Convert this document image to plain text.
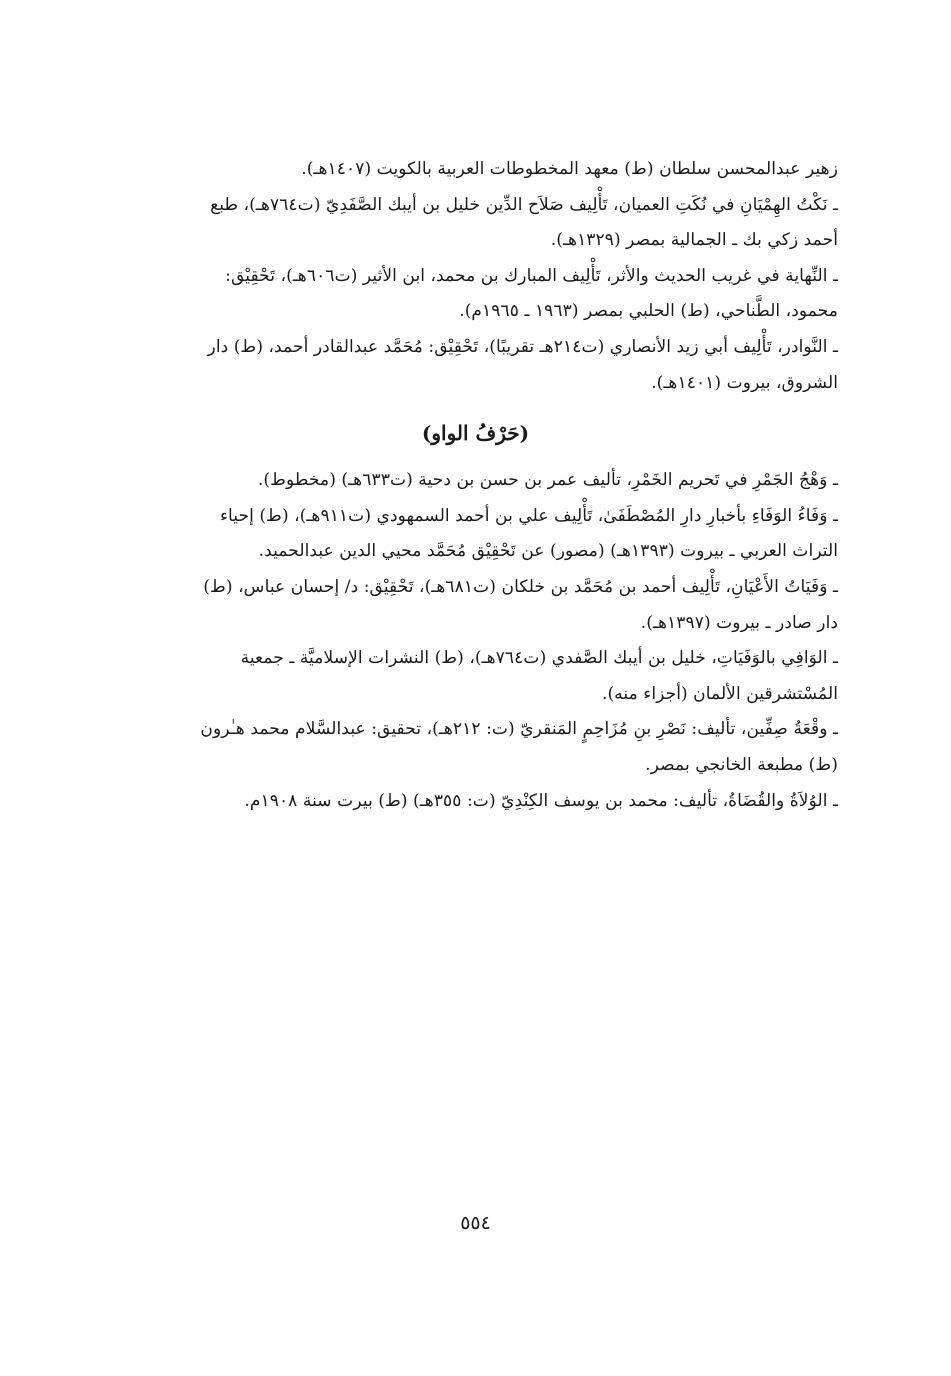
زهير عبدالمحسن سلطان (ط) معهد المخطوطات العربية بالكويت (١٤٠٧هـ).
ـ نَكْتُ الهِمْيَانِ في نُكَتِ العميان، تَأْلِيف صَلاَح الدِّين خليل بن أيبك الصَّفَدِيّ (ت٧٦٤هـ)، طبع
أحمد زكي بك ـ الجمالية بمصر (١٣٢٩هـ).
ـ النِّهاية في غريب الحديث والأثر، تَأْلِيف المبارك بن محمد، ابن الأثير (ت٦٠٦هـ)، تَحْقِيْق:
محمود، الطَّناحي، (ط) الحلبي بمصر (١٩٦٣ ـ ١٩٦٥م).
ـ النَّوادر، تَأْلِيف أبي زيد الأنصاري (ت٢١٤هـ تقريبًا)، تَحْقِيْق: مُحَمَّد عبدالقادر أحمد، (ط) دار
الشروق، بيروت (١٤٠١هـ).
(حَرْفُ الواو)
ـ وَهْجُ الجَمْرِ في تَحريم الخَمْرِ، تأليف عمر بن حسن بن دحية (ت٦٣٣هـ) (مخطوط).
ـ وَفَاءُ الوَفَاءِ بأخبارِ دارِ المُصْطَفَىٰ، تَأْلِيف علي بن أحمد السمهودي (ت٩١١هـ)، (ط) إحياء
التراث العربي ـ بيروت (١٣٩٣هـ) (مصور) عن تَحْقِيْق مُحَمَّد محيي الدين عبدالحميد.
ـ وَفَيَاتُ الأَعْيَانِ، تَأْلِيف أحمد بن مُحَمَّد بن خلكان (ت٦٨١هـ)، تَحْقِيْق: د/ إحسان عباس، (ط)
دار صادر ـ بيروت (١٣٩٧هـ).
ـ الوَافِي بالوَفَيَاتِ، خليل بن أيبك الصَّفدي (ت٧٦٤هـ)، (ط) النشرات الإسلاميَّة ـ جمعية
المُسْتشرقين الألمان (أجزاء منه).
ـ وقْعَةُ صِفِّين، تأليف: نَصْرِ بنِ مُزَاحِمٍ المَنقريّ (ت: ٢١٢هـ)، تحقيق: عبدالسَّلام محمد هـٰرون
(ط) مطبعة الخانجي بمصر.
ـ الوُلاَةُ والقُضَاةُ، تأليف: محمد بن يوسف الكِنْدِيّ (ت: ٣٥٥هـ) (ط) بيرت سنة ١٩٠٨م.
٥٥٤
